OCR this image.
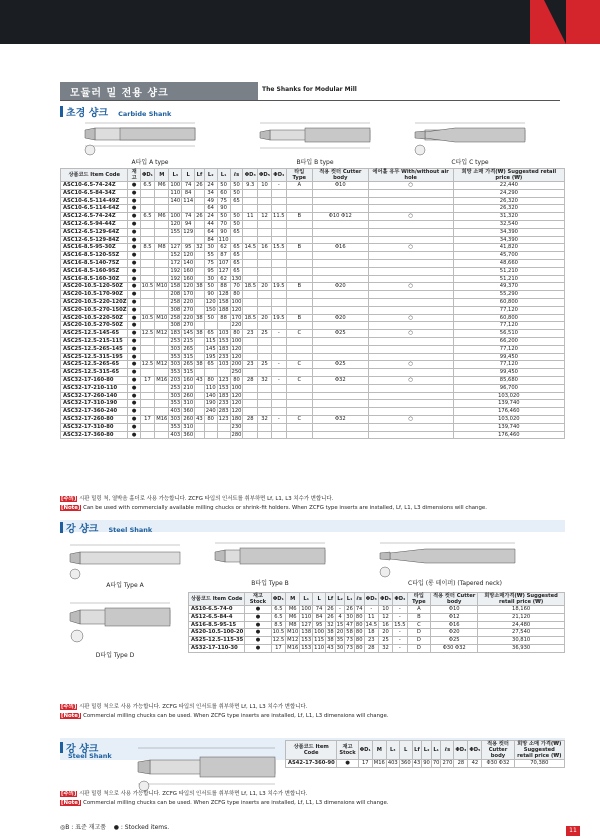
모듈러 밀 전용 샹크	The Shanks for Modular Mill
초경 샹크 Carbide Shank
A타입 A type	B타입 B type	C타입 C type
상품코드 Item Code	재고	ΦD₁	M	L₃	L	Lf	L₂	L₁	ℓs	ΦD₃	ΦD₅	ΦD₄	타입 Type	적용 컷터 Cutter body	에어홀 유무 With/without air hole	희망 소매 가격(₩) Suggested retail price (₩)
ASC10-6.5-74-24Z	●	6.5	M6	100	74	26	24	50	50	9.3	10	-	A	Φ10	○	22,440
ASC10-6.5-84-34Z	●			110	84		34	60	50							24,290
ASC10-6.5-114-49Z	●			140	114		49	75	65							26,320
ASC10-6.5-114-64Z	●						64	90								26,320
ASC12-6.5-74-24Z	●	6.5	M6	100	74	26	24	50	50	11	12	11.5	B	Φ10 Φ12	○	31,320
ASC12-6.5-94-44Z	●			120	94		44	70	50							32,540
ASC12-6.5-129-64Z	●			155	129		64	90	65							34,390
ASC12-6.5-129-84Z	●						84	110								34,390
ASC16-8.5-95-30Z	●	8.5	M8	127	95	32	30	62	65	14.5	16	15.5	B	Φ16	○	41,820
ASC16-8.5-120-55Z	●			152	120		55	87	65							45,700
ASC16-8.5-140-75Z	●			172	140		75	107	65							48,660
ASC16-8.5-160-95Z	●			192	160		95	127	65							51,210
ASC16-8.5-160-30Z	●			192	160		30	62	130							51,210
ASC20-10.5-120-50Z	●	10.5	M10	158	120	38	50	88	70	18.5	20	19.5	B	Φ20	○	49,370
ASC20-10.5-170-90Z	●			208	170		90	128	80							55,290
ASC20-10.5-220-120Z	●			258	220		120	158	100							60,800
ASC20-10.5-270-150Z	●			308	270		150	188	120							77,120
ASC20-10.5-220-50Z	●	10.5	M10	258	220	38	50	88	170	18.5	20	19.5	B	Φ20	○	60,800
ASC20-10.5-270-50Z	●			308	270				220							77,120
ASC25-12.5-145-65	●	12.5	M12	183	145	38	65	103	80	23	25	-	C	Φ25	○	56,510
ASC25-12.5-215-115	●			253	215		115	153	100							66,200
ASC25-12.5-265-145	●			303	265		145	183	120							77,120
ASC25-12.5-315-195	●			353	315		195	233	120							99,450
ASC25-12.5-265-65	●	12.5	M12	303	265	38	65	103	200	23	25	-	C	Φ25	○	77,120
ASC25-12.5-315-65	●			353	315				250							99,450
ASC32-17-160-80	●	17	M16	203	160	43	80	123	80	28	32	-	C	Φ32	○	85,680
ASC32-17-210-110	●			253	210		110	153	100							96,700
ASC32-17-260-140	●			303	260		140	183	120							103,020
ASC32-17-310-190	●			353	310		190	233	120							139,740
ASC32-17-360-240	●			403	360		240	283	120							176,460
ASC32-17-260-80	●	17	M16	303	260	43	80	123	180	28	32	-	C	Φ32	○	103,020
ASC32-17-310-80	●			353	310				230							139,740
ASC32-17-360-80	●			403	360				280							176,460
[주의] 시판 밀링 척, 열박음 홀더로 사용 가능합니다. ZCFG 타입의 인서트를 취부하면 Lf, L1, L3 치수가 변합니다.
[Note] Can be used with commercially available milling chucks or shrink-fit holders. When ZCFG type inserts are installed, Lf, L1, L3 dimensions will change.
강 샹크 Steel Shank
A타입 Type A	B타입 Type B	C타입 (롱 테이퍼) (Tapered neck)
D타입 Type D
상품코드 Item Code	재고 Stock	ΦD₁	M	L₁	L	Lf	L₂	L₁	ℓs	ΦD₃	ΦD₅	ΦD₄	타입 Type	적용 컷터 Cutter body	희망소매가격(₩) Suggested retail price (₩)
AS10-6.5-74-0	●	6.5	M6	100	74	26	-	26	74	-	10	-	A	Φ10	18,160
AS12-6.5-84-4	●	6.5	M6	110	84	26	4	30	80	11	12	-	B	Φ12	21,120
AS16-8.5-95-15	●	8.5	M8	127	95	32	15	47	80	14.5	16	15.5	C	Φ16	24,480
AS20-10.5-100-20	●	10.5	M10	138	100	38	20	58	80	18	20	-	D	Φ20	27,540
AS25-12.5-115-35	●	12.5	M12	153	115	38	35	73	80	23	25	-	D	Φ25	30,810
AS32-17-110-30	●	17	M16	153	110	43	30	73	80	28	32	-	D	Φ30 Φ32	36,930
[주의] 시판 밀링 척으로 사용 가능합니다. ZCFG 타입의 인서트를 취부하면 Lf, L1, L3 치수가 변합니다.
[Note] Commercial milling chucks can be used. When ZCFG type inserts are installed, Lf, L1, L3 dimensions will change.
강 샹크
Steel Shank
상품코드 Item Code	재고 Stock	ΦD₁	M	L₃	L	Lf	L₂	L₁	ℓs	ΦD₃	ΦD₅	적용 컷터 Cutter body	희망 소매 가격(₩) Suggested retail price (₩)
AS42-17-360-90	●	17	M16	403	360	43	90	70	270	28	42	Φ30 Φ32	70,380
[주의] 시판 밀링 척으로 사용 가능합니다. ZCFG 타입의 인서트를 취부하면 Lf, L1, L3 치수가 변합니다.
[Note] Commercial milling chucks can be used. When ZCFG type inserts are installed, Lf, L1, L3 dimensions will change.
◎B : 표준 재고품 ● : Stocked items.	11
